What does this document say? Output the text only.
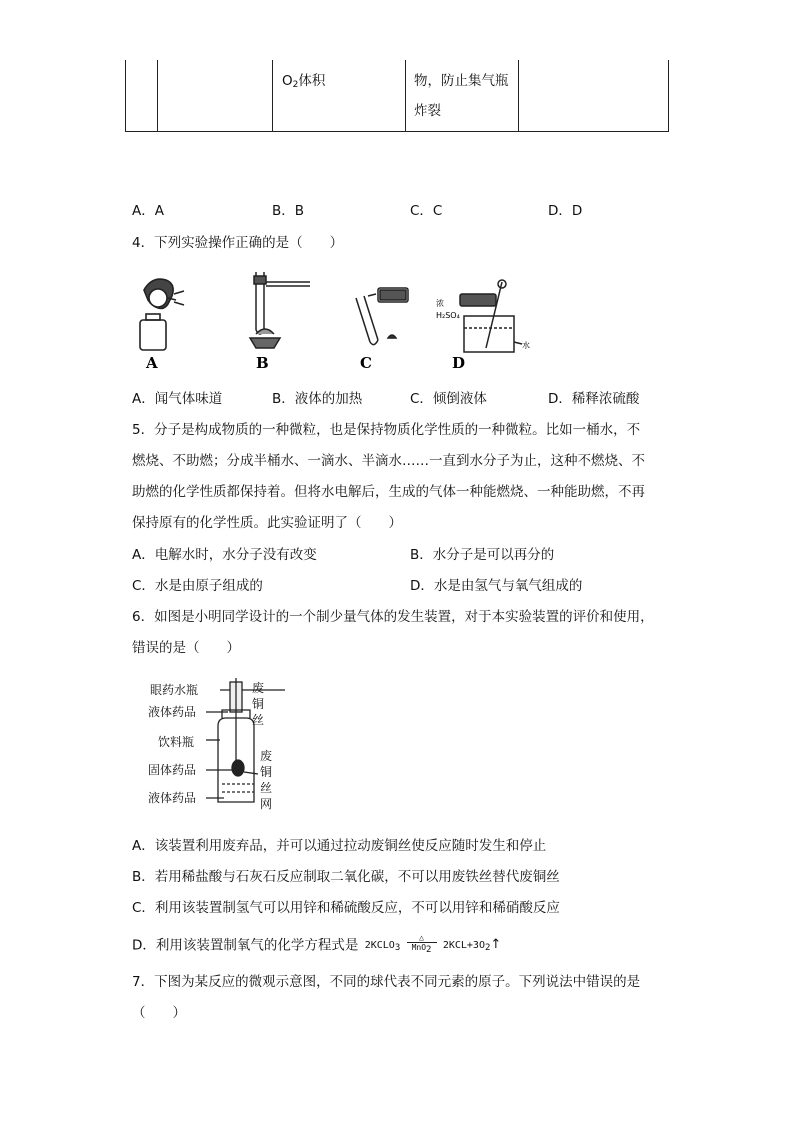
$O_2$体积	物，防止集气瓶
炸裂
A．A	B．B	C．C	D．D
4．下列实验操作正确的是（　　）
A	B	C
浓
H₂SO₄
水
D
A．闻气体味道	B．液体的加热	C．倾倒液体	D．稀释浓硫酸
5．分子是构成物质的一种微粒，也是保持物质化学性质的一种微粒。比如一桶水，不
燃烧、不助燃；分成半桶水、一滴水、半滴水……一直到水分子为止，这种不燃烧、不
助燃的化学性质都保持着。但将水电解后，生成的气体一种能燃烧、一种能助燃，不再
保持原有的化学性质。此实验证明了（　　）
A．电解水时，水分子没有改变	B．水分子是可以再分的
C．水是由原子组成的	D．水是由氢气与氧气组成的
6．如图是小明同学设计的一个制少量气体的发生装置，对于本实验装置的评价和使用，
错误的是（　　）
眼药水瓶
液体药品
饮料瓶
固体药品
液体药品
废
铜
丝
废
铜
丝
网
A．该装置利用废弃品，并可以通过拉动废铜丝使反应随时发生和停止
B．若用稀盐酸与石灰石反应制取二氧化碳，不可以用废铁丝替代废铜丝
C．利用该装置制氢气可以用锌和稀硫酸反应，不可以用锌和稀硝酸反应
D．利用该装置制氧气的化学方程式是 $2KCLO_3$
△
MnO$_2$	$2KCL+3O_2↑$
7．下图为某反应的微观示意图，不同的球代表不同元素的原子。下列说法中错误的是
（　　）
